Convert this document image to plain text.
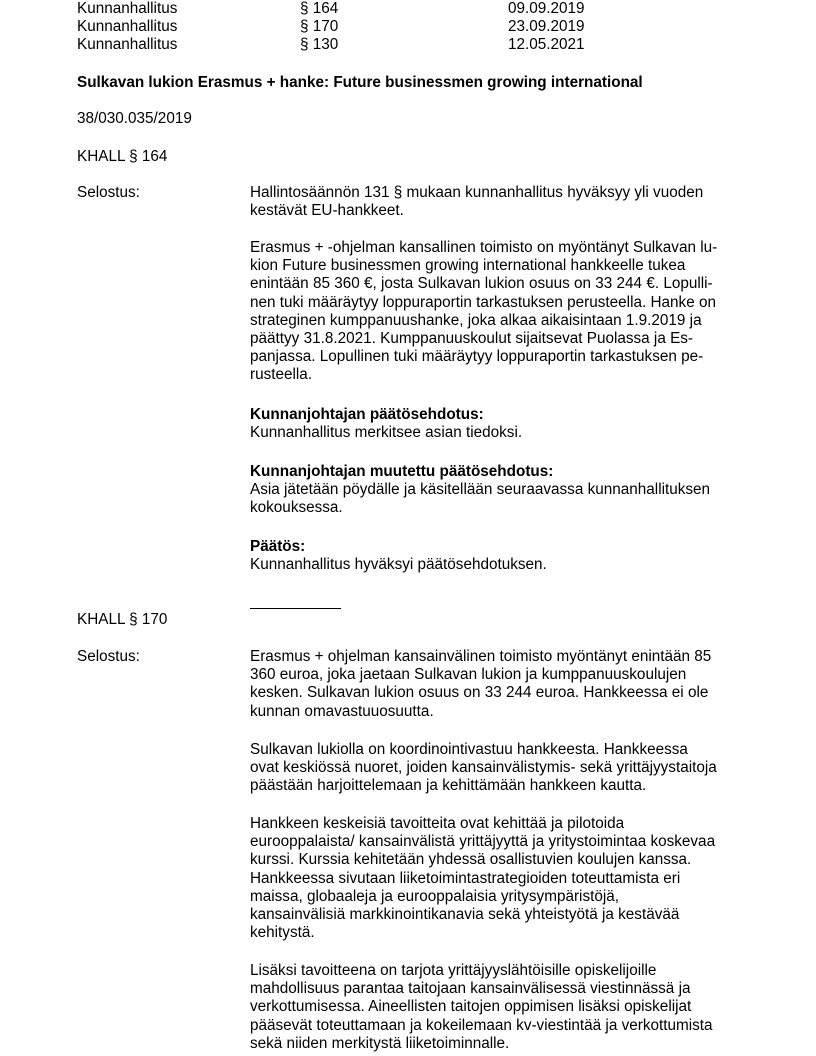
Kunnanhallitus	§ 164	09.09.2019
Kunnanhallitus	§ 170	23.09.2019
Kunnanhallitus	§ 130	12.05.2021
Sulkavan lukion Erasmus + hanke: Future businessmen growing international
38/030.035/2019
KHALL § 164
Selostus:	Hallintosäännön 131 § mukaan kunnanhallitus hyväksyy yli vuoden
kestävät EU-hankkeet.

Erasmus + -ohjelman kansallinen toimisto on myöntänyt Sulkavan lu-
kion Future businessmen growing international hankkeelle tukea
enintään 85 360 €, josta Sulkavan lukion osuus on 33 244 €. Lopulli-
nen tuki määräytyy loppuraportin tarkastuksen perusteella. Hanke on
strateginen kumppanuushanke, joka alkaa aikaisintaan 1.9.2019 ja
päättyy 31.8.2021. Kumppanuuskoulut sijaitsevat Puolassa ja Es-
panjassa. Lopullinen tuki määräytyy loppuraportin tarkastuksen pe-
rusteella.

Kunnanjohtajan päätösehdotus:
Kunnanhallitus merkitsee asian tiedoksi.

Kunnanjohtajan muutettu päätösehdotus:
Asia jätetään pöydälle ja käsitellään seuraavassa kunnanhallituksen
kokouksessa.

Päätös:
Kunnanhallitus hyväksyi päätösehdotuksen.

KHALL § 170
Selostus:	Erasmus + ohjelman kansainvälinen toimisto myöntänyt enintään 85
360 euroa, joka jaetaan Sulkavan lukion ja kumppanuuskoulujen
kesken. Sulkavan lukion osuus on 33 244 euroa. Hankkeessa ei ole
kunnan omavastuuosuutta.

Sulkavan lukiolla on koordinointivastuu hankkeesta. Hankkeessa
ovat keskiössä nuoret, joiden kansainvälistymis- sekä yrittäjyystaitoja
päästään harjoittelemaan ja kehittämään hankkeen kautta.

Hankkeen keskeisiä tavoitteita ovat kehittää ja pilotoida
eurooppalaista/ kansainvälistä yrittäjyyttä ja yritystoimintaa koskevaa
kurssi. Kurssia kehitetään yhdessä osallistuvien koulujen kanssa.
Hankkeessa sivutaan liiketoimintastrategioiden toteuttamista eri
maissa, globaaleja ja eurooppalaisia yritysympäristöjä,
kansainvälisiä markkinointikanavia sekä yhteistyötä ja kestävää
kehitystä.

Lisäksi tavoitteena on tarjota yrittäjyyslähtöisille opiskelijoille
mahdollisuus parantaa taitojaan kansainvälisessä viestinnässä ja
verkottumisessa. Aineellisten taitojen oppimisen lisäksi opiskelijat
pääsevät toteuttamaan ja kokeilemaan kv-viestintää ja verkottumista
sekä niiden merkitystä liiketoiminnalle.
